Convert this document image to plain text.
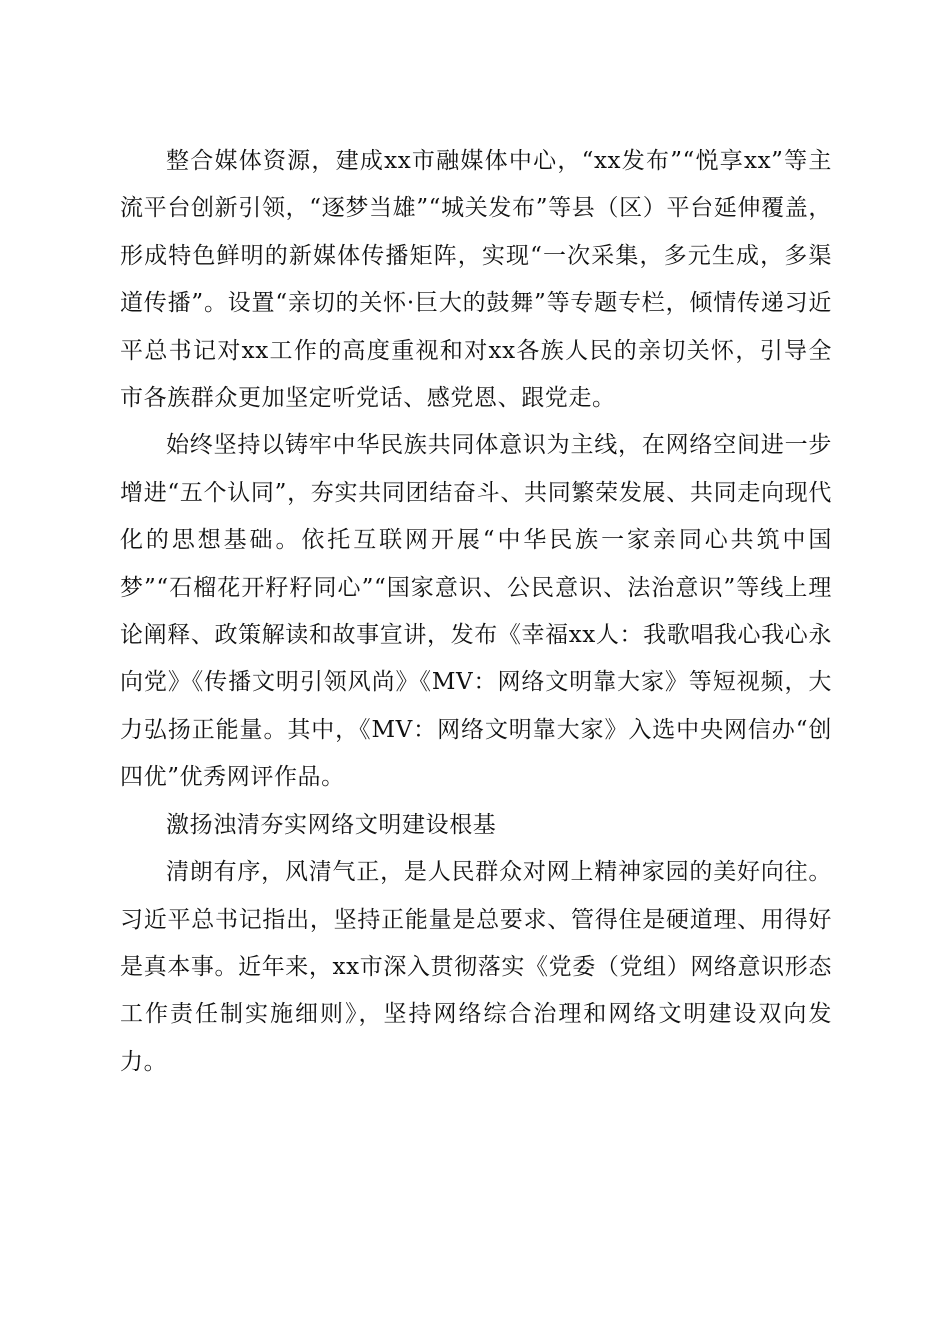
整合媒体资源，建成xx市融媒体中心，“xx发布”“悦享xx”等主流平台创新引领，“逐梦当雄”“城关发布”等县（区）平台延伸覆盖，形成特色鲜明的新媒体传播矩阵，实现“一次采集，多元生成，多渠道传播”。设置“亲切的关怀·巨大的鼓舞”等专题专栏，倾情传递习近平总书记对xx工作的高度重视和对xx各族人民的亲切关怀，引导全市各族群众更加坚定听党话、感党恩、跟党走。

始终坚持以铸牢中华民族共同体意识为主线，在网络空间进一步增进“五个认同”，夯实共同团结奋斗、共同繁荣发展、共同走向现代化的思想基础。依托互联网开展“中华民族一家亲同心共筑中国梦”“石榴花开籽籽同心”“国家意识、公民意识、法治意识”等线上理论阐释、政策解读和故事宣讲，发布《幸福xx人：我歌唱我心我心永向党》《传播文明引领风尚》《MV：网络文明靠大家》等短视频，大力弘扬正能量。其中，《MV：网络文明靠大家》入选中央网信办“创四优”优秀网评作品。

激扬浊清夯实网络文明建设根基

清朗有序，风清气正，是人民群众对网上精神家园的美好向往。习近平总书记指出，坚持正能量是总要求、管得住是硬道理、用得好是真本事。近年来，xx市深入贯彻落实《党委（党组）网络意识形态工作责任制实施细则》，坚持网络综合治理和网络文明建设双向发力。
